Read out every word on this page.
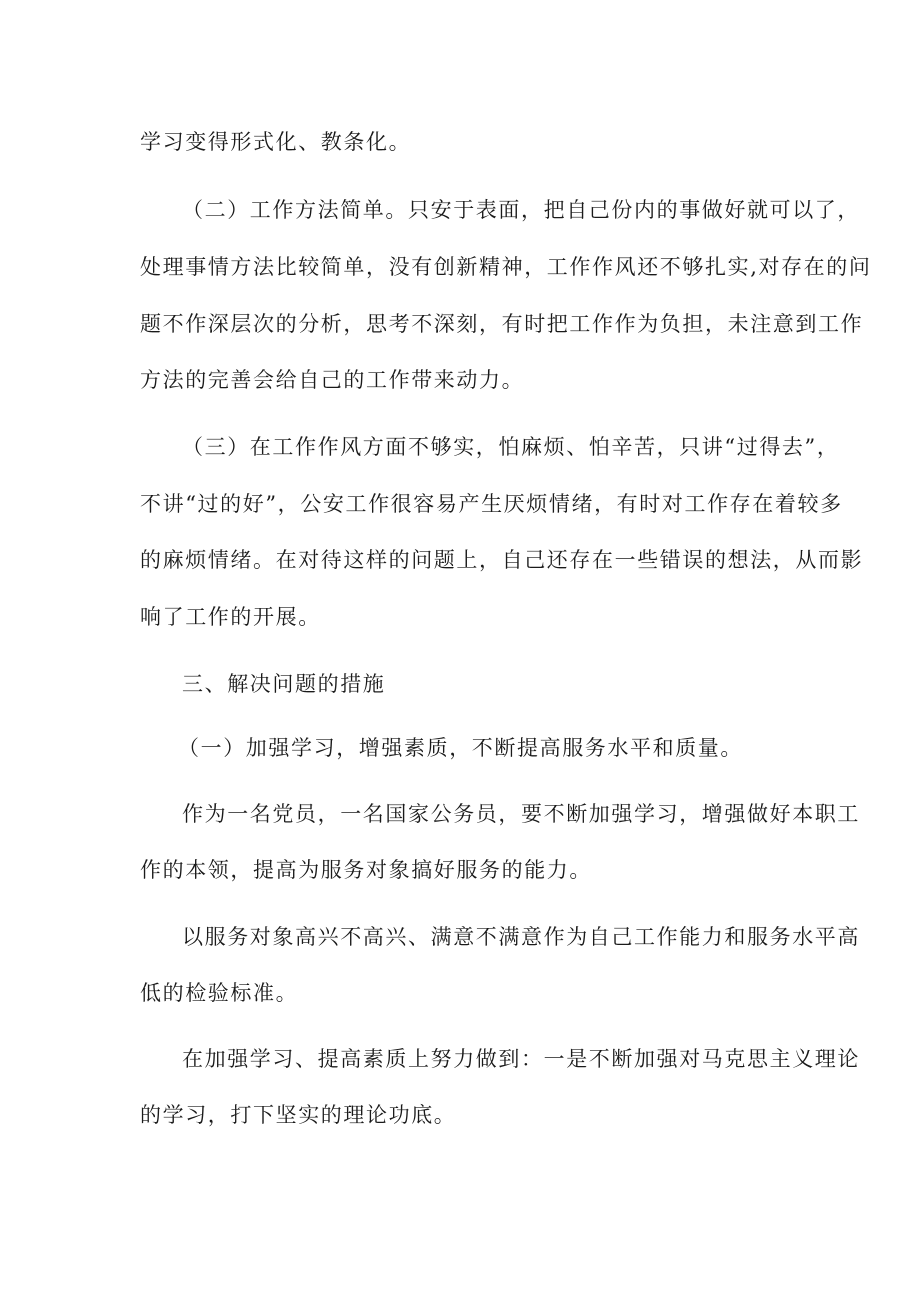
学习变得形式化、教条化。
（二）工作方法简单。只安于表面，把自己份内的事做好就可以了，
处理事情方法比较简单，没有创新精神，工作作风还不够扎实,对存在的问
题不作深层次的分析，思考不深刻，有时把工作作为负担，未注意到工作
方法的完善会给自己的工作带来动力。
（三）在工作作风方面不够实，怕麻烦、怕辛苦，只讲“过得去”，
不讲“过的好”，公安工作很容易产生厌烦情绪，有时对工作存在着较多
的麻烦情绪。在对待这样的问题上，自己还存在一些错误的想法，从而影
响了工作的开展。
三、解决问题的措施
（一）加强学习，增强素质，不断提高服务水平和质量。
作为一名党员，一名国家公务员，要不断加强学习，增强做好本职工
作的本领，提高为服务对象搞好服务的能力。
以服务对象高兴不高兴、满意不满意作为自己工作能力和服务水平高
低的检验标准。
在加强学习、提高素质上努力做到：一是不断加强对马克思主义理论
的学习，打下坚实的理论功底。
